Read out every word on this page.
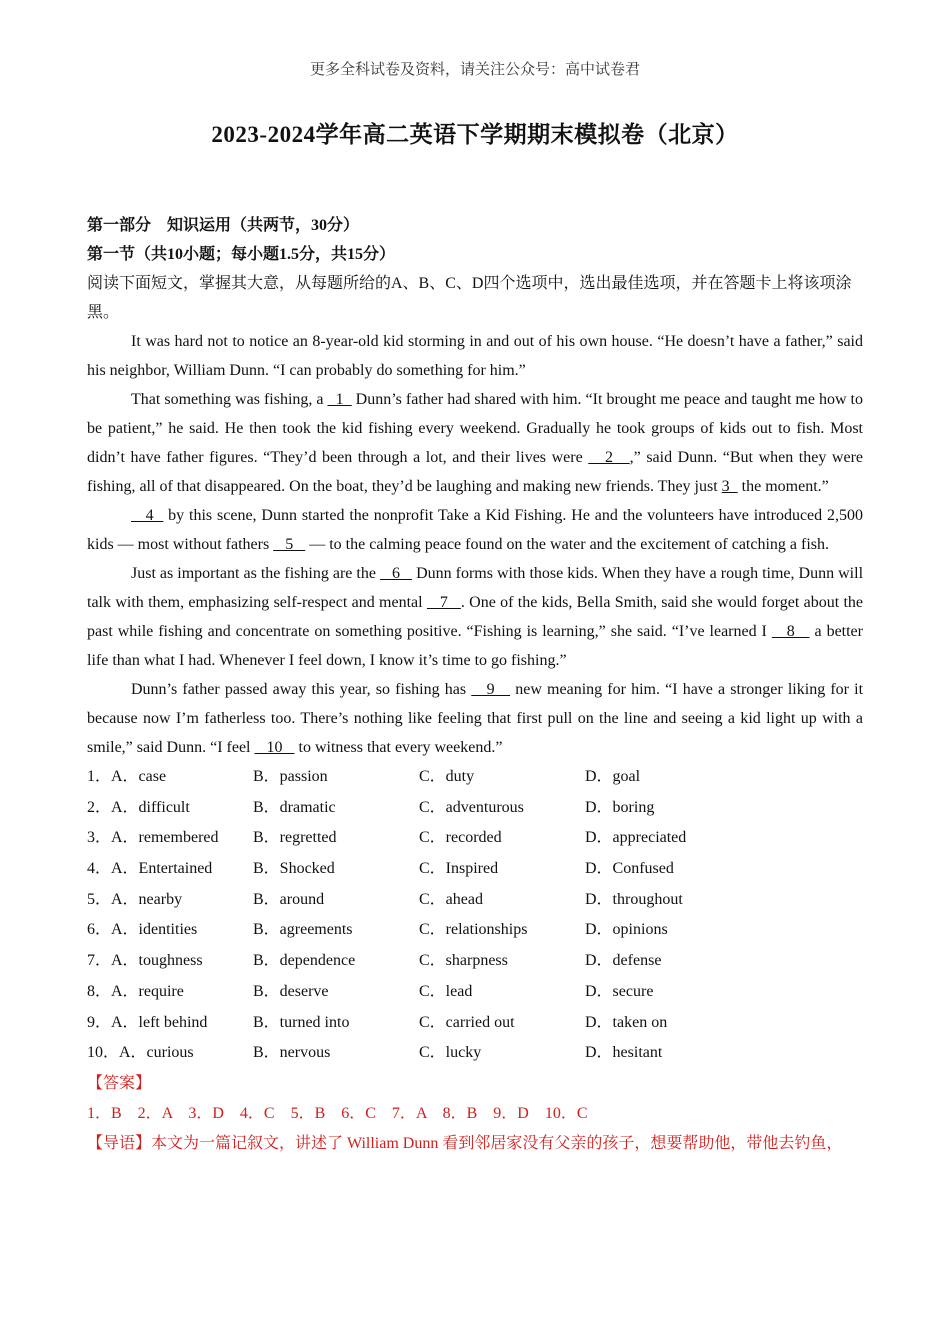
更多全科试卷及资料，请关注公众号：高中试卷君
2023-2024学年高二英语下学期期末模拟卷（北京）
第一部分　知识运用（共两节，30分）
第一节（共10小题；每小题1.5分，共15分）
阅读下面短文，掌握其大意，从每题所给的A、B、C、D四个选项中，选出最佳选项，并在答题卡上将该项涂黑。
It was hard not to notice an 8-year-old kid storming in and out of his own house. “He doesn’t have a father,” said his neighbor, William Dunn. “I can probably do something for him.”
That something was fishing, a   1   Dunn’s father had shared with him. “It brought me peace and taught me how to be patient,” he said. He then took the kid fishing every weekend. Gradually he took groups of kids out to fish. Most didn’t have father figures. “They’d been through a lot, and their lives were    2   ,” said Dunn. “But when they were fishing, all of that disappeared. On the boat, they’d be laughing and making new friends. They just 3   the moment.”
4   by this scene, Dunn started the nonprofit Take a Kid Fishing. He and the volunteers have introduced 2,500 kids — most without fathers    5    — to the calming peace found on the water and the excitement of catching a fish.
Just as important as the fishing are the    6    Dunn forms with those kids. When they have a rough time, Dunn will talk with them, emphasizing self-respect and mental    7   . One of the kids, Bella Smith, said she would forget about the past while fishing and concentrate on something positive. “Fishing is learning,” she said. “I’ve learned I    8    a better life than what I had. Whenever I feel down, I know it’s time to go fishing.”
Dunn’s father passed away this year, so fishing has    9    new meaning for him. “I have a stronger liking for it because now I’m fatherless too. There’s nothing like feeling that first pull on the line and seeing a kid light up with a smile,” said Dunn. “I feel    10    to witness that every weekend.”
1．A．case	B．passion	C．duty	D．goal
2．A．difficult	B．dramatic	C．adventurous	D．boring
3．A．remembered	B．regretted	C．recorded	D．appreciated
4．A．Entertained	B．Shocked	C．Inspired	D．Confused
5．A．nearby	B．around	C．ahead	D．throughout
6．A．identities	B．agreements	C．relationships	D．opinions
7．A．toughness	B．dependence	C．sharpness	D．defense
8．A．require	B．deserve	C．lead	D．secure
9．A．left behind	B．turned into	C．carried out	D．taken on
10．A．curious	B．nervous	C．lucky	D．hesitant
【答案】
1．B　2．A　3．D　4．C　5．B　6．C　7．A　8．B　9．D　10．C
【导语】本文为一篇记叙文，讲述了 William Dunn 看到邻居家没有父亲的孩子，想要帮助他，带他去钓鱼，
